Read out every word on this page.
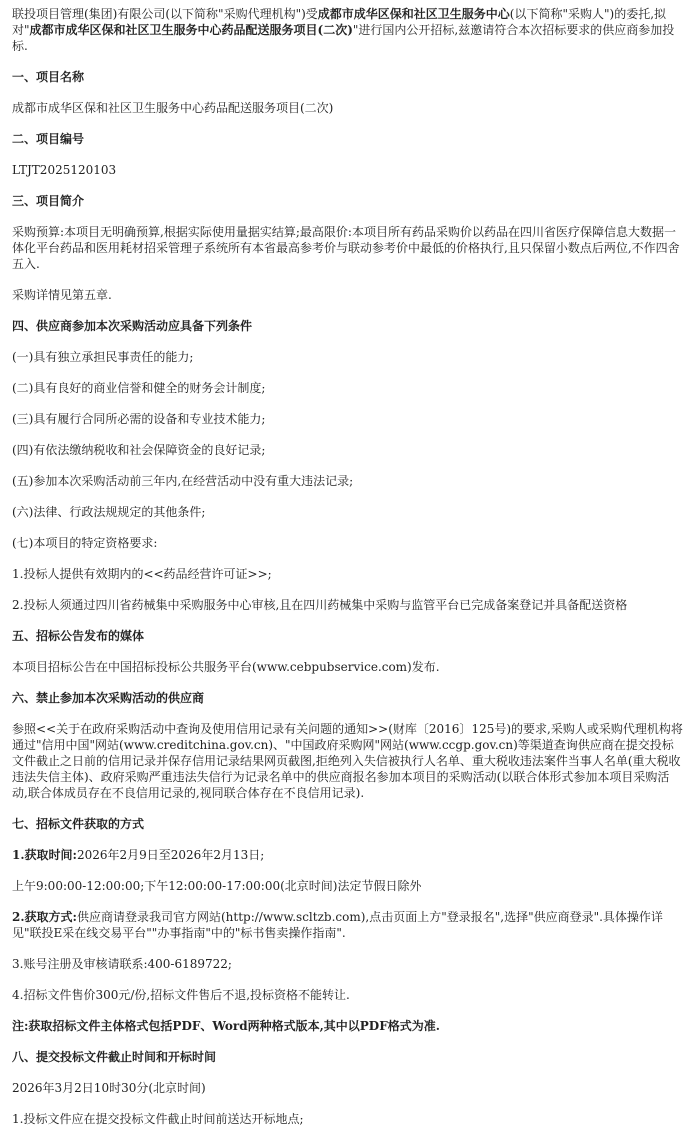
联投项目管理(集团)有限公司(以下简称"采购代理机构")受成都市成华区保和社区卫生服务中心(以下简称"采购人")的委托,拟对"成都市成华区保和社区卫生服务中心药品配送服务项目(二次)"进行国内公开招标,兹邀请符合本次招标要求的供应商参加投标.

一、项目名称

成都市成华区保和社区卫生服务中心药品配送服务项目(二次)

二、项目编号

LTJT2025120103

三、项目简介

采购预算:本项目无明确预算,根据实际使用量据实结算;最高限价:本项目所有药品采购价以药品在四川省医疗保障信息大数据一体化平台药品和医用耗材招采管理子系统所有本省最高参考价与联动参考价中最低的价格执行,且只保留小数点后两位,不作四舍五入.

采购详情见第五章.

四、供应商参加本次采购活动应具备下列条件

(一)具有独立承担民事责任的能力;

(二)具有良好的商业信誉和健全的财务会计制度;

(三)具有履行合同所必需的设备和专业技术能力;

(四)有依法缴纳税收和社会保障资金的良好记录;

(五)参加本次采购活动前三年内,在经营活动中没有重大违法记录;

(六)法律、行政法规规定的其他条件;

(七)本项目的特定资格要求:

1.投标人提供有效期内的<<药品经营许可证>>;

2.投标人须通过四川省药械集中采购服务中心审核,且在四川药械集中采购与监管平台已完成备案登记并具备配送资格

五、招标公告发布的媒体

本项目招标公告在中国招标投标公共服务平台(www.cebpubservice.com)发布.

六、禁止参加本次采购活动的供应商

参照<<关于在政府采购活动中查询及使用信用记录有关问题的通知>>(财库〔2016〕125号)的要求,采购人或采购代理机构将通过"信用中国"网站(www.creditchina.gov.cn)、"中国政府采购网"网站(www.ccgp.gov.cn)等渠道查询供应商在提交投标文件截止之日前的信用记录并保存信用记录结果网页截图,拒绝列入失信被执行人名单、重大税收违法案件当事人名单(重大税收违法失信主体)、政府采购严重违法失信行为记录名单中的供应商报名参加本项目的采购活动(以联合体形式参加本项目采购活动,联合体成员存在不良信用记录的,视同联合体存在不良信用记录).

七、招标文件获取的方式

1.获取时间:2026年2月9日至2026年2月13日;

上午9:00:00-12:00:00;下午12:00:00-17:00:00(北京时间)法定节假日除外

2.获取方式:供应商请登录我司官方网站(http://www.scltzb.com),点击页面上方"登录报名",选择"供应商登录".具体操作详见"联投E采在线交易平台""办事指南"中的"标书售卖操作指南".

3.账号注册及审核请联系:400-6189722;

4.招标文件售价300元/份,招标文件售后不退,投标资格不能转让.

注:获取招标文件主体格式包括PDF、Word两种格式版本,其中以PDF格式为准.

八、提交投标文件截止时间和开标时间

2026年3月2日10时30分(北京时间)

1.投标文件应在提交投标文件截止时间前送达开标地点;
